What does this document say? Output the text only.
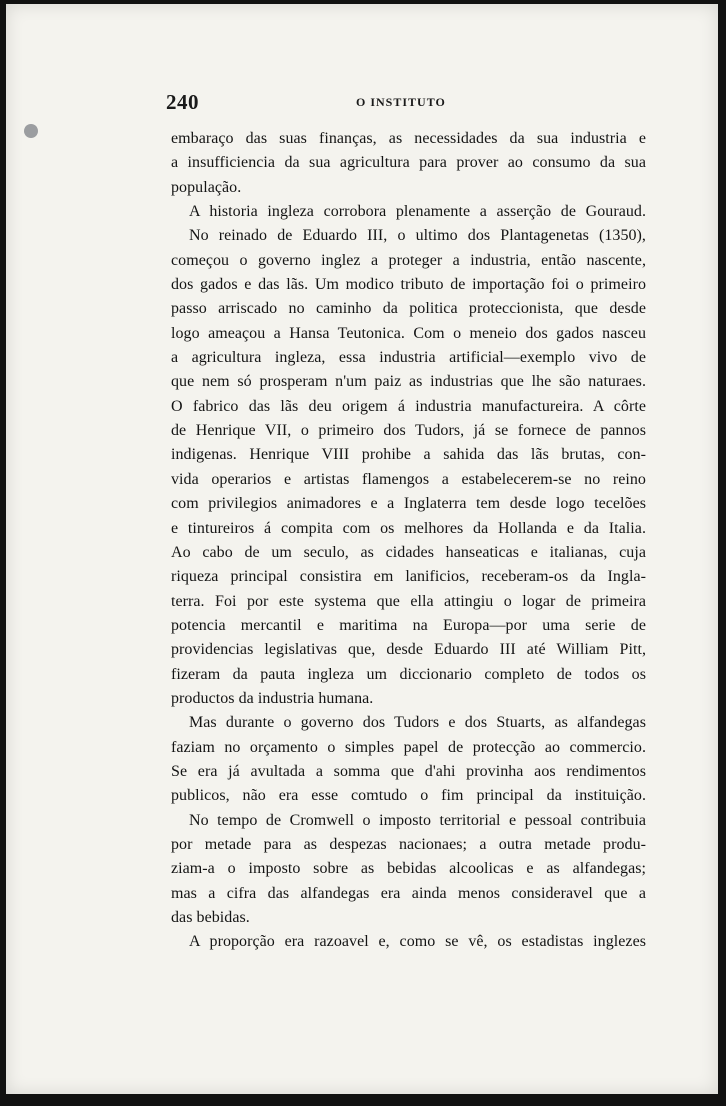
240	O INSTITUTO
embaraço das suas finanças, as necessidades da sua industria e
a insufficiencia da sua agricultura para prover ao consumo da sua
população.
A historia ingleza corrobora plenamente a asserção de Gouraud.
No reinado de Eduardo III, o ultimo dos Plantagenetas (1350),
começou o governo inglez a proteger a industria, então nascente,
dos gados e das lãs. Um modico tributo de importação foi o primeiro
passo arriscado no caminho da politica proteccionista, que desde
logo ameaçou a Hansa Teutonica. Com o meneio dos gados nasceu
a agricultura ingleza, essa industria artificial—exemplo vivo de
que nem só prosperam n'um paiz as industrias que lhe são naturaes.
O fabrico das lãs deu origem á industria manufactureira. A côrte
de Henrique VII, o primeiro dos Tudors, já se fornece de pannos
indigenas. Henrique VIII prohibe a sahida das lãs brutas, con-
vida operarios e artistas flamengos a estabelecerem-se no reino
com privilegios animadores e a Inglaterra tem desde logo tecelões
e tintureiros á compita com os melhores da Hollanda e da Italia.
Ao cabo de um seculo, as cidades hanseaticas e italianas, cuja
riqueza principal consistira em lanificios, receberam-os da Ingla-
terra. Foi por este systema que ella attingiu o logar de primeira
potencia mercantil e maritima na Europa—por uma serie de
providencias legislativas que, desde Eduardo III até William Pitt,
fizeram da pauta ingleza um diccionario completo de todos os
productos da industria humana.
Mas durante o governo dos Tudors e dos Stuarts, as alfandegas
faziam no orçamento o simples papel de protecção ao commercio.
Se era já avultada a somma que d'ahi provinha aos rendimentos
publicos, não era esse comtudo o fim principal da instituição.
No tempo de Cromwell o imposto territorial e pessoal contribuia
por metade para as despezas nacionaes; a outra metade produ-
ziam-a o imposto sobre as bebidas alcoolicas e as alfandegas;
mas a cifra das alfandegas era ainda menos consideravel que a
das bebidas.
A proporção era razoavel e, como se vê, os estadistas inglezes
